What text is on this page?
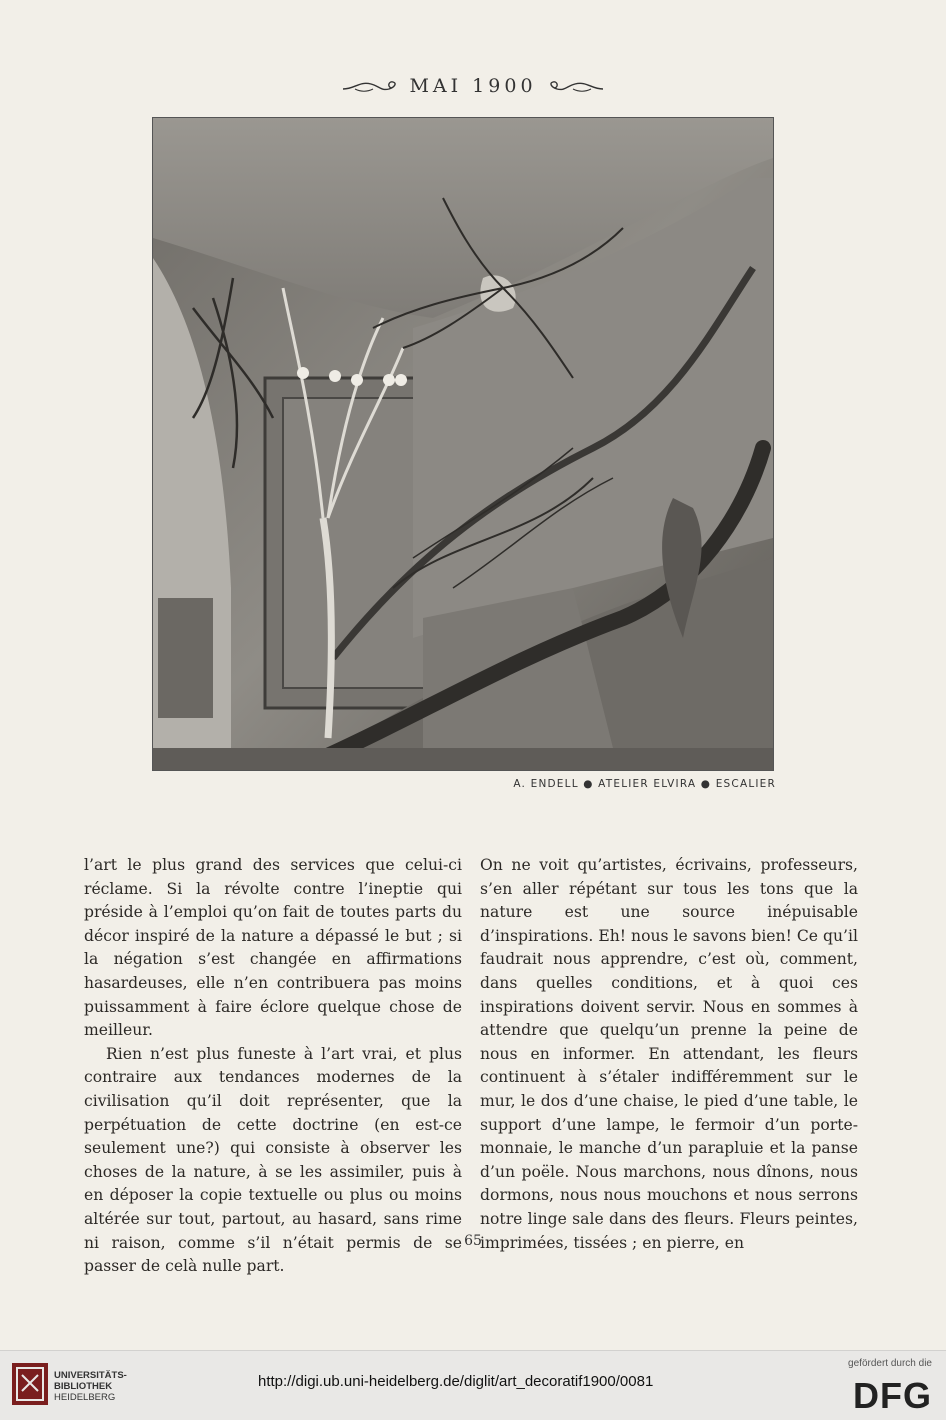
MAI 1900
A. ENDELL ● ATELIER ELVIRA ● ESCALIER

l’art le plus grand des services que celui-ci réclame. Si la révolte contre l’ineptie qui préside à l’emploi qu’on fait de toutes parts du décor inspiré de la nature a dépassé le but ; si la négation s’est changée en affirmations hasardeuses, elle n’en contribuera pas moins puissamment à faire éclore quelque chose de meilleur.

Rien n’est plus funeste à l’art vrai, et plus contraire aux tendances modernes de la civilisation qu’il doit représenter, que la perpétuation de cette doctrine (en est-ce seulement une?) qui consiste à observer les choses de la nature, à se les assimiler, puis à en déposer la copie textuelle ou plus ou moins altérée sur tout, partout, au hasard, sans rime ni raison, comme s’il n’était permis de se passer de celà nulle part.

On ne voit qu’artistes, écrivains, professeurs, s’en aller répétant sur tous les tons que la nature est une source inépuisable d’inspirations. Eh! nous le savons bien! Ce qu’il faudrait nous apprendre, c’est où, comment, dans quelles conditions, et à quoi ces inspirations doivent servir. Nous en sommes à attendre que quelqu’un prenne la peine de nous en informer. En attendant, les fleurs continuent à s’étaler indifféremment sur le mur, le dos d’une chaise, le pied d’une table, le support d’une lampe, le fermoir d’un porte-monnaie, le manche d’un parapluie et la panse d’un poële. Nous marchons, nous dînons, nous dormons, nous nous mouchons et nous serrons notre linge sale dans des fleurs. Fleurs peintes, imprimées, tissées ; en pierre, en

65
UNIVERSITÄTS-
BIBLIOTHEK
HEIDELBERG
http://digi.ub.uni-heidelberg.de/diglit/art_decoratif1900/0081
gefördert durch die
DFG
